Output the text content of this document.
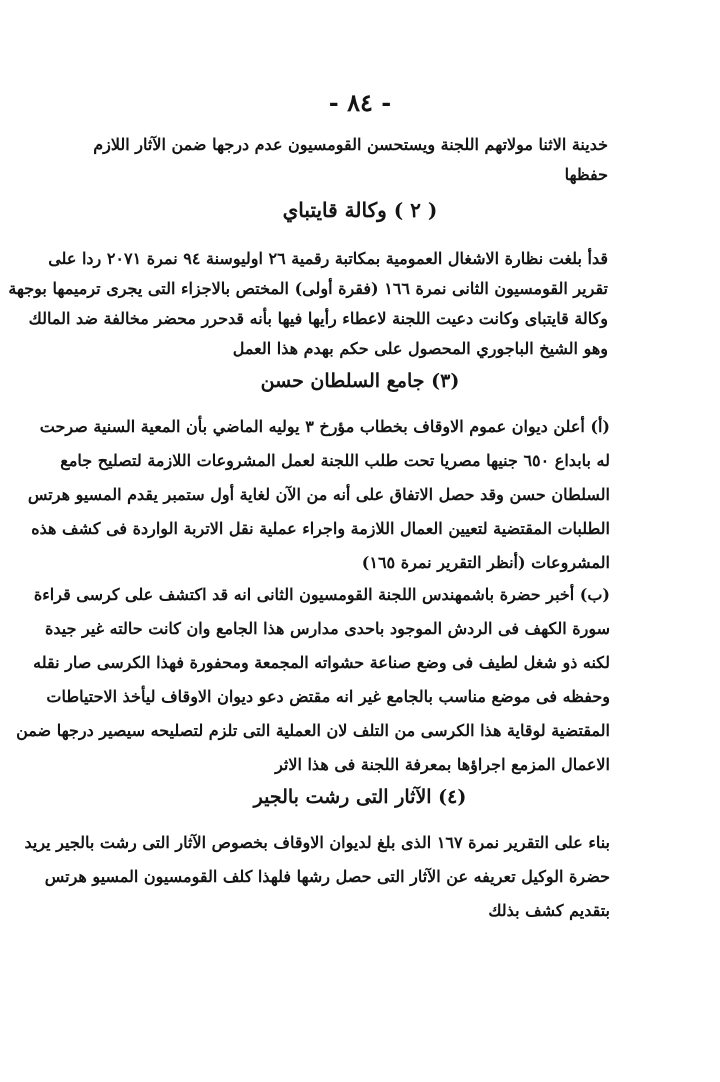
- ٨٤ -
خدينة الاثنا مولاتهم اللجنة ويستحسن القومسيون عدم درجها ضمن الآثار اللازم
حفظها
( ٢ ) وكالة قايتباي
قدأ بلغت نظارة الاشغال العمومية بمكاتبة رقمية ٢٦ اوليوسنة ٩٤ نمرة ٢٠٧١ ردا على
تقرير القومسيون الثانى نمرة ١٦٦ (فقرة أولى) المختص بالاجزاء التى يجرى ترميمها بوجهة
وكالة قايتباى وكانت دعيت اللجنة لاعطاء رأيها فيها بأنه قدحرر محضر مخالفة ضد المالك
وهو الشيخ الباجوري المحصول على حكم بهدم هذا العمل
(٣) جامع السلطان حسن
(أ) أعلن ديوان عموم الاوقاف بخطاب مؤرخ ٣ يوليه الماضي بأن المعية السنية صرحت
له بابداع ٦٥٠ جنيها مصريا تحت طلب اللجنة لعمل المشروعات اللازمة لتصليح جامع
السلطان حسن وقد حصل الاتفاق على أنه من الآن لغاية أول ستمبر يقدم المسيو هرتس
الطلبات المقتضية لتعيين العمال اللازمة واجراء عملية نقل الاتربة الواردة فى كشف هذه
المشروعات (أنظر التقرير نمرة ١٦٥)
(ب) أخبر حضرة باشمهندس اللجنة القومسيون الثانى انه قد اكتشف على كرسى قراءة
سورة الكهف فى الردش الموجود باحدى مدارس هذا الجامع وان كانت حالته غير جيدة
لكنه ذو شغل لطيف فى وضع صناعة حشواته المجمعة ومحفورة فهذا الكرسى صار نقله
وحفظه فى موضع مناسب بالجامع غير انه مقتض دعو ديوان الاوقاف ليأخذ الاحتياطات
المقتضية لوقاية هذا الكرسى من التلف لان العملية التى تلزم لتصليحه سيصير درجها ضمن
الاعمال المزمع اجراؤها بمعرفة اللجنة فى هذا الاثر
(٤) الآثار التى رشت بالجير
بناء على التقرير نمرة ١٦٧ الذى بلغ لديوان الاوقاف بخصوص الآثار التى رشت بالجير يريد
حضرة الوكيل تعريفه عن الآثار التى حصل رشها فلهذا كلف القومسيون المسيو هرتس
بتقديم كشف بذلك
